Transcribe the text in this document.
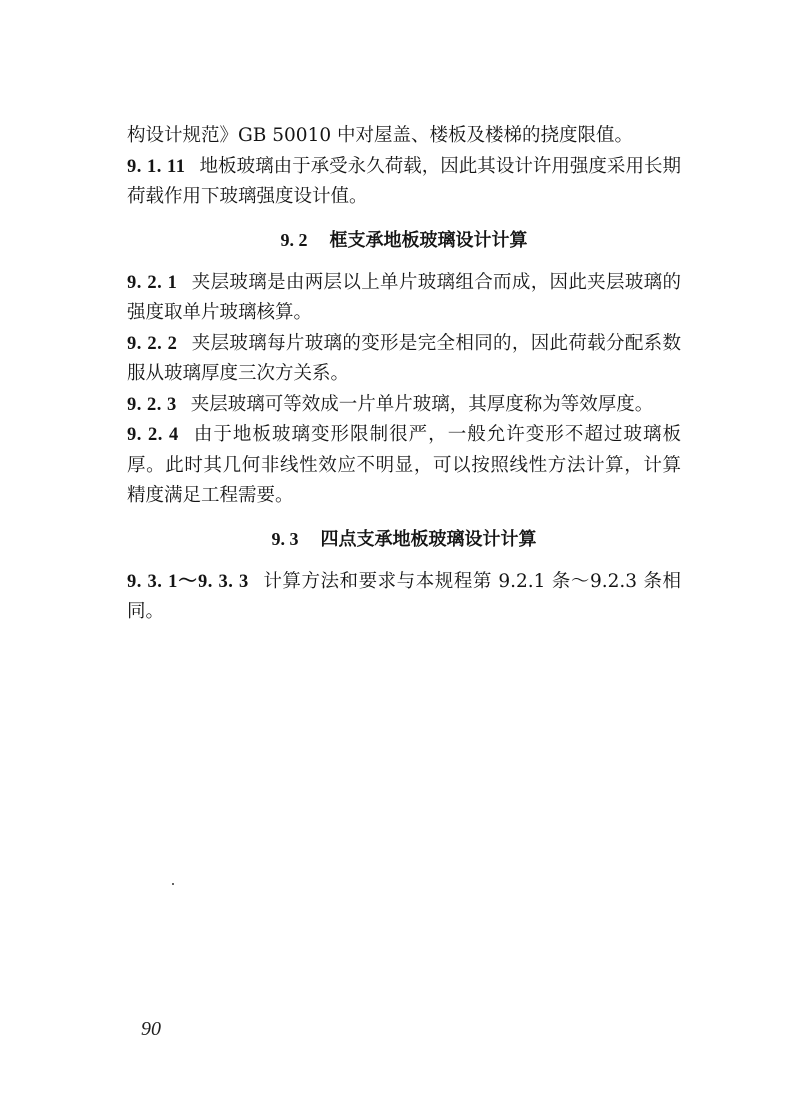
构设计规范》GB 50010 中对屋盖、楼板及楼梯的挠度限值。

9. 1. 11 地板玻璃由于承受永久荷载，因此其设计许用强度采用长期荷载作用下玻璃强度设计值。

9. 2 框支承地板玻璃设计计算

9. 2. 1 夹层玻璃是由两层以上单片玻璃组合而成，因此夹层玻璃的强度取单片玻璃核算。

9. 2. 2 夹层玻璃每片玻璃的变形是完全相同的，因此荷载分配系数服从玻璃厚度三次方关系。

9. 2. 3 夹层玻璃可等效成一片单片玻璃，其厚度称为等效厚度。

9. 2. 4 由于地板玻璃变形限制很严，一般允许变形不超过玻璃板厚。此时其几何非线性效应不明显，可以按照线性方法计算，计算精度满足工程需要。

9. 3 四点支承地板玻璃设计计算

9. 3. 1～9. 3. 3 计算方法和要求与本规程第 9.2.1 条～9.2.3 条相同。

90
